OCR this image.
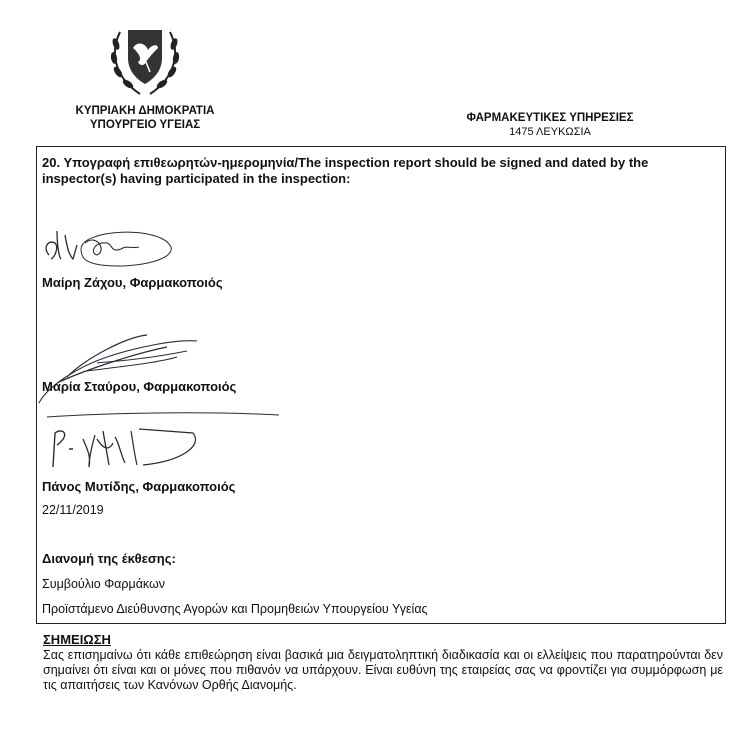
ΚΥΠΡΙΑΚΗ ΔΗΜΟΚΡΑΤΙΑ
ΥΠΟΥΡΓΕΙΟ ΥΓΕΙΑΣ
ΦΑΡΜΑΚΕΥΤΙΚΕΣ ΥΠΗΡΕΣΙΕΣ
1475 ΛΕΥΚΩΣΙΑ
20. Υπογραφή επιθεωρητών-ημερομηνία/The inspection report should be signed and dated by the inspector(s) having participated in the inspection:
Μαίρη Ζάχου, Φαρμακοποιός
Μαρία Σταύρου, Φαρμακοποιός
Πάνος Μυτίδης, Φαρμακοποιός
22/11/2019
Διανομή της έκθεσης:
Συμβούλιο Φαρμάκων
Προϊστάμενο Διεύθυνσης Αγορών και Προμηθειών Υπουργείου Υγείας
ΣΗΜΕΙΩΣΗ
Σας επισημαίνω ότι κάθε επιθεώρηση είναι βασικά μια δειγματοληπτική διαδικασία και οι ελλείψεις που παρατηρούνται δεν σημαίνει ότι είναι και οι μόνες που πιθανόν να υπάρχουν. Είναι ευθύνη της εταιρείας σας να φροντίζει για συμμόρφωση με τις απαιτήσεις των Κανόνων Ορθής Διανομής.
